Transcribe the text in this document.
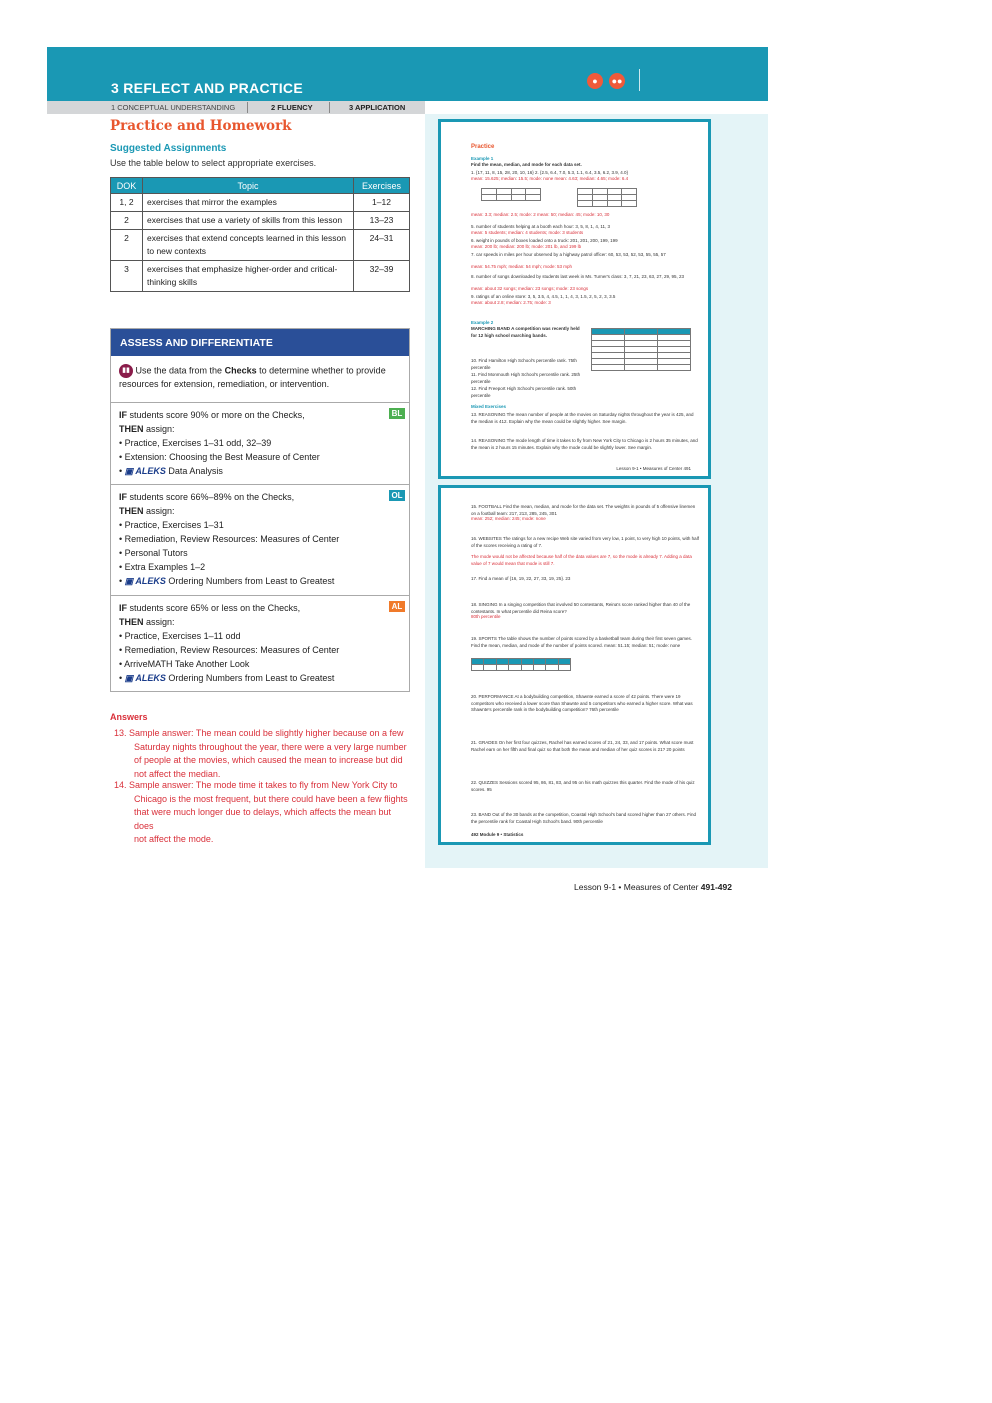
3 REFLECT AND PRACTICE	●	●●
1 CONCEPTUAL UNDERSTANDING	2 FLUENCY	3 APPLICATION
Practice and Homework
Suggested Assignments
Use the table below to select appropriate exercises.
DOK	Topic	Exercises
1, 2	exercises that mirror the examples	1–12
2	exercises that use a variety of skills from this lesson	13–23
2	exercises that extend concepts learned in this lesson to new contexts	24–31
3	exercises that emphasize higher-order and critical-thinking skills	32–39
ASSESS AND DIFFERENTIATE
▮▮ Use the data from the Checks to determine whether to provide resources for extension, remediation, or intervention.
BL
IF students score 90% or more on the Checks,
THEN assign:
• Practice, Exercises 1–31 odd, 32–39
• Extension: Choosing the Best Measure of Center
• ▣ ALEKS Data Analysis
OL
IF students score 66%–89% on the Checks,
THEN assign:
• Practice, Exercises 1–31
• Remediation, Review Resources: Measures of Center
• Personal Tutors
• Extra Examples 1–2
• ▣ ALEKS Ordering Numbers from Least to Greatest
AL
IF students score 65% or less on the Checks,
THEN assign:
• Practice, Exercises 1–11 odd
• Remediation, Review Resources: Measures of Center
• ArriveMATH Take Another Look
• ▣ ALEKS Ordering Numbers from Least to Greatest
Answers
13. Sample answer: The mean could be slightly higher because on a few
Saturday nights throughout the year, there were a very large number
of people at the movies, which caused the mean to increase but did
not affect the median.
14. Sample answer: The mode time it takes to fly from New York City to
Chicago is the most frequent, but there could have been a few flights
that were much longer due to delays, which affects the mean but does
not affect the mode.
Practice
Example 1
Find the mean, median, and mode for each data set.
1. {17, 11, 8, 15, 28, 20, 10, 16} 2. {2.5, 6.4, 7.0, 5.3, 1.1, 6.4, 3.5, 6.2, 3.9, 4.0}
mean: 15.625; median: 15.5; mode: none mean: 4.63; median: 4.65; mode: 6.4

mean: 3.3; median: 2.5; mode: 2 mean: 50; median: 45; mode: 10, 30
5. number of students helping at a booth each hour: 3, 5, 8, 1, 4, 11, 3
mean: 5 students; median: 4 students; mode: 3 students
6. weight in pounds of boxes loaded onto a truck: 201, 201, 200, 199, 199
mean: 200 lb; median: 200 lb; mode: 201 lb, and 199 lb
7. car speeds in miles per hour observed by a highway patrol officer: 60, 53, 53, 52, 53, 55, 55, 57
mean: 54.75 mph; median: 54 mph; mode: 53 mph
8. number of songs downloaded by students last week in Ms. Turner's class: 3, 7, 21, 23, 63, 27, 29, 95, 23
mean: about 32 songs; median: 23 songs; mode: 23 songs
9. ratings of an online store: 3, 5, 3.5, 4, 4.5, 1, 1, 4, 3, 1.5, 2, 5, 2, 3, 3.5
mean: about 2.8; median: 2.75; mode: 3
Example 2
MARCHING BAND A competition was recently held for 12 high school marching bands.

10. Find Hamilton High School's percentile rank. 75th percentile
11. Find Monmouth High School's percentile rank. 25th percentile
12. Find Freeport High School's percentile rank. 50th percentile
Mixed Exercises
13. REASONING The mean number of people at the movies on Saturday nights throughout the year is 425, and the median is 412. Explain why the mean could be slightly higher. See margin.
14. REASONING The mode length of time it takes to fly from New York City to Chicago is 2 hours 35 minutes, and the mean is 2 hours 15 minutes. Explain why the mode could be slightly lower. See margin.
Lesson 9-1 • Measures of Center 491
15. FOOTBALL Find the mean, median, and mode for the data set. The weights in pounds of 5 offensive linemen on a football team: 217, 213, 285, 245, 301
mean: 252; median: 245; mode: none
16. WEBSITES The ratings for a new recipe Web site varied from very low, 1 point, to very high 10 points, with half of the scores receiving a rating of 7.
The mode would not be affected because half of the data values are 7, so the mode is already 7. Adding a data value of 7 would mean that mode is still 7.
17. Find a mean of {16, 19, 22, 27, 33, 19, 25}. 23
18. SINGING In a singing competition that involved 50 contestants, Reina's score ranked higher than 40 of the contestants. In what percentile did Reina score?
80th percentile
19. SPORTS The table shows the number of points scored by a basketball team during their first seven games. Find the mean, median, and mode of the number of points scored. mean: 51.15; median: 51; mode: none

20. PERFORMANCE At a bodybuilding competition, Shawnte earned a score of 42 points. There were 19 competitors who received a lower score than Shawnte and 5 competitors who earned a higher score. What was Shawnte's percentile rank in the bodybuilding competition? 76th percentile
21. GRADES On her first four quizzes, Rachel has earned scores of 21, 24, 33, and 17 points. What score must Rachel earn on her fifth and final quiz so that both the mean and median of her quiz scores is 21? 20 points
22. QUIZZES Sessions scored 95, 86, 81, 83, and 95 on his math quizzes this quarter. Find the mode of his quiz scores. 95
23. BAND Out of the 30 bands at the competition, Coastal High School's band scored higher than 27 others. Find the percentile rank for Coastal High School's band. 90th percentile
492 Module 9 • Statistics
Lesson 9-1 • Measures of Center 491-492
